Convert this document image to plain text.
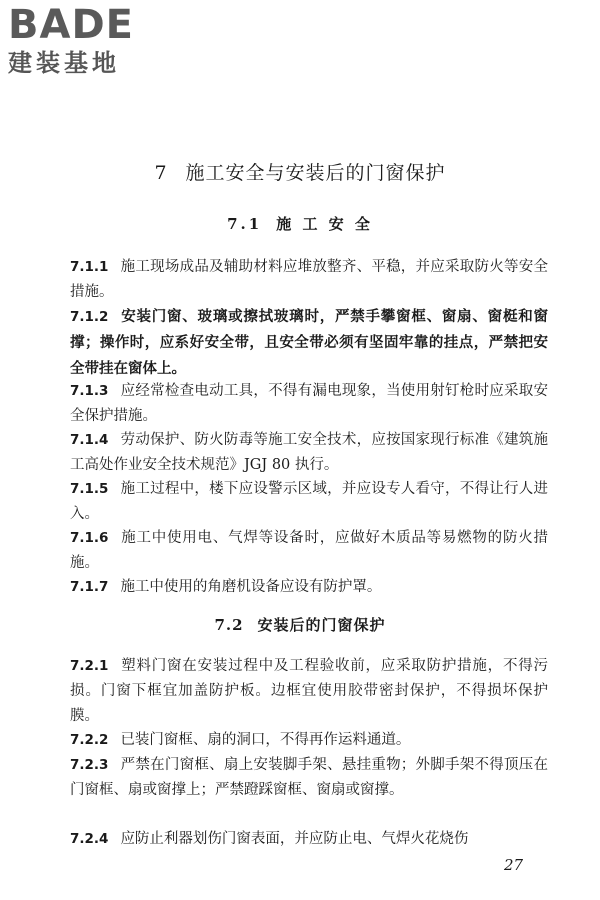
BADE
建装基地
7 施工安全与安装后的门窗保护
7.1 施 工 安 全
7.1.1 施工现场成品及辅助材料应堆放整齐、平稳，并应采取防火等安全措施。
7.1.2 安装门窗、玻璃或擦拭玻璃时，严禁手攀窗框、窗扇、窗梃和窗撑；操作时，应系好安全带，且安全带必须有坚固牢靠的挂点，严禁把安全带挂在窗体上。
7.1.3 应经常检查电动工具，不得有漏电现象，当使用射钉枪时应采取安全保护措施。
7.1.4 劳动保护、防火防毒等施工安全技术，应按国家现行标准《建筑施工高处作业安全技术规范》JGJ 80 执行。
7.1.5 施工过程中，楼下应设警示区域，并应设专人看守，不得让行人进入。
7.1.6 施工中使用电、气焊等设备时，应做好木质品等易燃物的防火措施。
7.1.7 施工中使用的角磨机设备应设有防护罩。
7.2 安装后的门窗保护
7.2.1 塑料门窗在安装过程中及工程验收前，应采取防护措施，不得污损。门窗下框宜加盖防护板。边框宜使用胶带密封保护，不得损坏保护膜。
7.2.2 已装门窗框、扇的洞口，不得再作运料通道。
7.2.3 严禁在门窗框、扇上安装脚手架、悬挂重物；外脚手架不得顶压在门窗框、扇或窗撑上；严禁蹬踩窗框、窗扇或窗撑。
7.2.4 应防止利器划伤门窗表面，并应防止电、气焊火花烧伤
27
